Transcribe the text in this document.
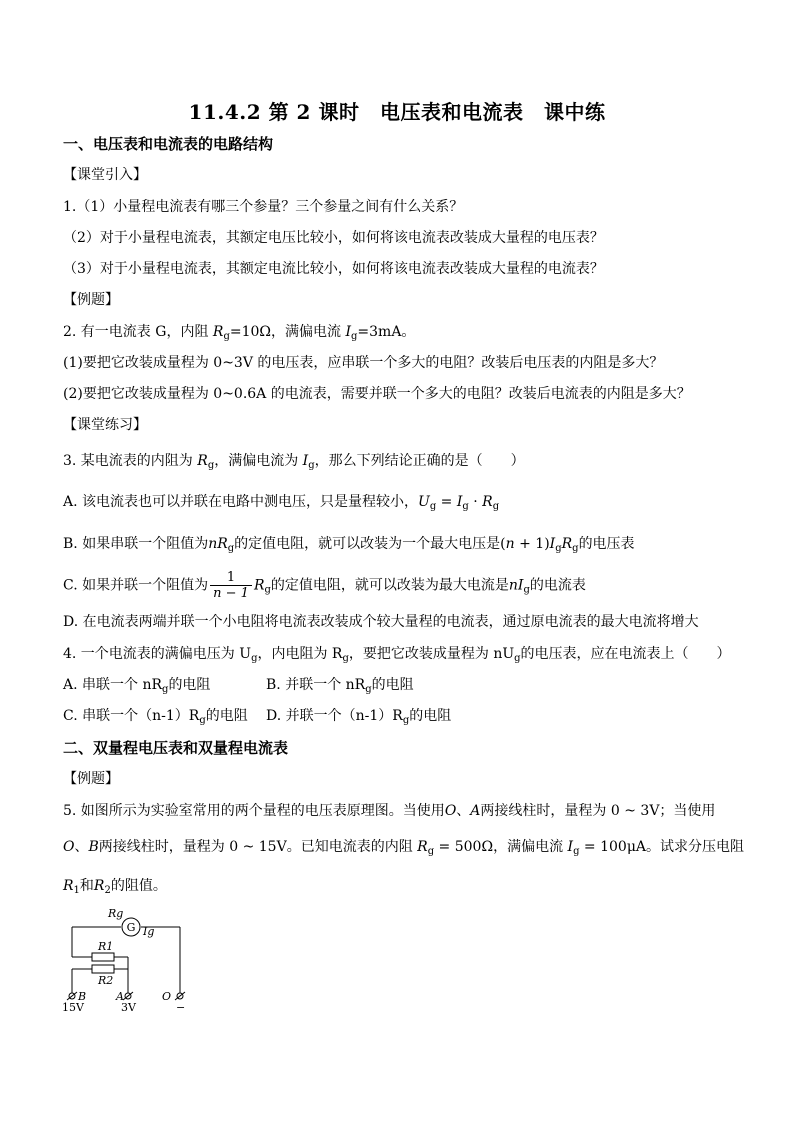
11.4.2 第 2 课时　电压表和电流表　课中练
一、电压表和电流表的电路结构
【课堂引入】
1.（1）小量程电流表有哪三个参量？三个参量之间有什么关系？
（2）对于小量程电流表，其额定电压比较小，如何将该电流表改装成大量程的电压表？
（3）对于小量程电流表，其额定电流比较小，如何将该电流表改装成大量程的电流表？
【例题】
2. 有一电流表 G，内阻 $R_g=10\Omega$，满偏电流 $I_g=3mA$。
(1)要把它改装成量程为 0~3V 的电压表，应串联一个多大的电阻？改装后电压表的内阻是多大？
(2)要把它改装成量程为 0~0.6A 的电流表，需要并联一个多大的电阻？改装后电流表的内阻是多大？
【课堂练习】
3. 某电流表的内阻为 $R_g$，满偏电流为 $I_g$，那么下列结论正确的是（　　）
A. 该电流表也可以并联在电路中测电压，只是量程较小，$U_g = I_g \cdot R_g$
B. 如果串联一个阻值为$nR_g$的定值电阻，就可以改装为一个最大电压是$(n + 1)I_gR_g$的电压表
C. 如果并联一个阻值为 $\frac{1}{n - 1} R_g$的定值电阻，就可以改装为最大电流是$nI_g$的电流表
D. 在电流表两端并联一个小电阻将电流表改装成个较大量程的电流表，通过原电流表的最大电流将增大
4. 一个电流表的满偏电压为 $U_g$，内电阻为 $R_g$，要把它改装成量程为 $nU_g$的电压表，应在电流表上（　　）
A. 串联一个 $nR_g$的电阻	B. 并联一个 $nR_g$的电阻
C. 串联一个$(n-1)R_g$的电阻 D. 并联一个$(n-1)R_g$的电阻
二、双量程电压表和双量程电流表
【例题】
5. 如图所示为实验室常用的两个量程的电压表原理图。当使用O、A两接线柱时，量程为 0 ~ 3V；当使用
O、B两接线柱时，量程为 0 ~ 15V。已知电流表的内阻 $R_g = 500\Omega$，满偏电流 $I_g = 100\mu A$。试求分压电阻
$R_1$和$R_2$的阻值。
Rg
Ig
G
R1
R2
B	A	O
15V	3V	−
